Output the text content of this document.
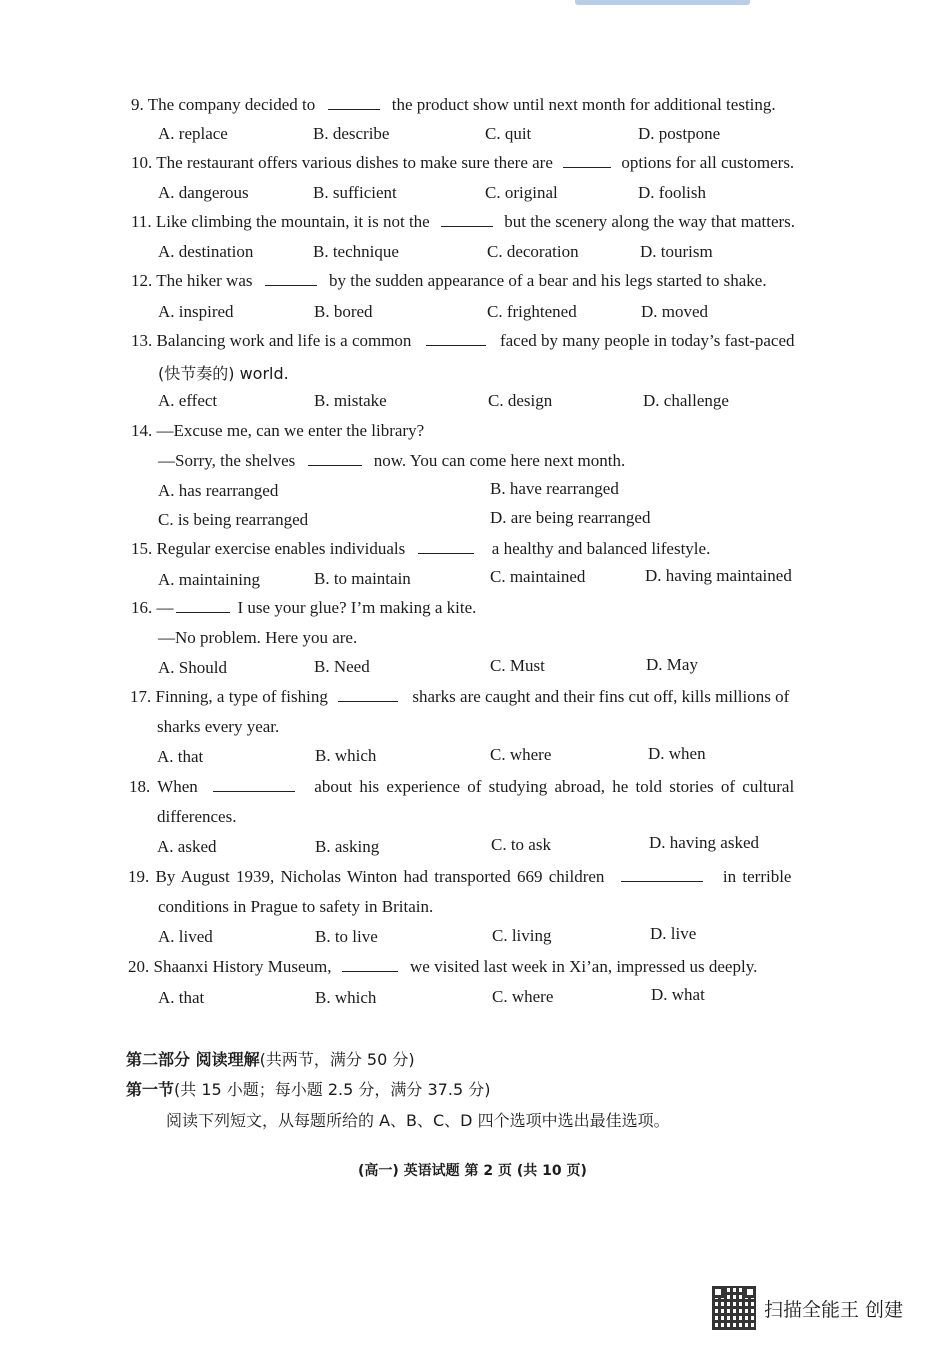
9. The company decided to	the product show until next month for additional testing.
A. replace	B. describe	C. quit	D. postpone
10. The restaurant offers various dishes to make sure there are	options for all customers.
A. dangerous	B. sufficient	C. original	D. foolish
11. Like climbing the mountain, it is not the	but the scenery along the way that matters.
A. destination	B. technique	C. decoration	D. tourism
12. The hiker was	by the sudden appearance of a bear and his legs started to shake.
A. inspired	B. bored	C. frightened	D. moved
13. Balancing work and life is a common	faced by many people in today’s fast-paced
(快节奏的) world.
A. effect	B. mistake	C. design	D. challenge
14. —Excuse me, can we enter the library?
—Sorry, the shelves	now. You can come here next month.
A. has rearranged	B. have rearranged
C. is being rearranged	D. are being rearranged
15. Regular exercise enables individuals	a healthy and balanced lifestyle.
A. maintaining	B. to maintain	C. maintained	D. having maintained
16. —	I use your glue? I’m making a kite.
—No problem. Here you are.
A. Should	B. Need	C. Must	D. May
17. Finning, a type of fishing	sharks are caught and their fins cut off, kills millions of
sharks every year.
A. that	B. which	C. where	D. when
18. When	about his experience of studying abroad, he told stories of cultural
differences.
A. asked	B. asking	C. to ask	D. having asked
19. By August 1939, Nicholas Winton had transported 669 children	in terrible
conditions in Prague to safety in Britain.
A. lived	B. to live	C. living	D. live
20. Shaanxi History Museum,	we visited last week in Xi’an, impressed us deeply.
A. that	B. which	C. where	D. what
第二部分 阅读理解(共两节，满分 50 分)
第一节(共 15 小题；每小题 2.5 分，满分 37.5 分)
阅读下列短文，从每题所给的 A、B、C、D 四个选项中选出最佳选项。
(高一) 英语试题 第 2 页 (共 10 页)
扫描全能王 创建
